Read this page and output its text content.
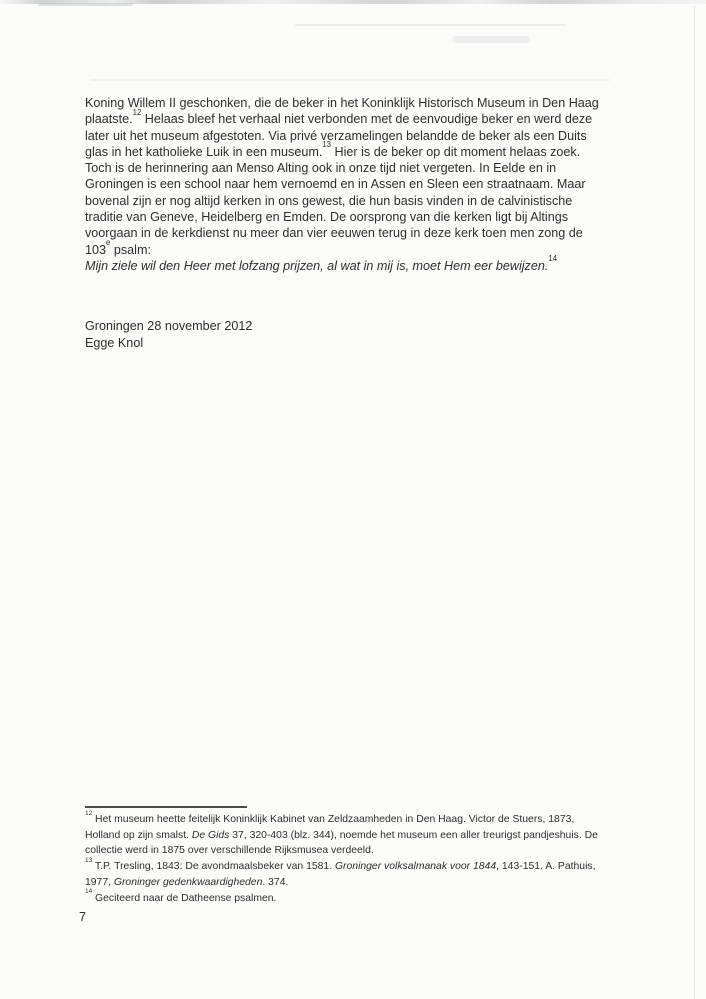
Koning Willem II geschonken, die de beker in het Koninklijk Historisch Museum in Den Haag
plaatste.$^{12}$ Helaas bleef het verhaal niet verbonden met de eenvoudige beker en werd deze
later uit het museum afgestoten. Via privé verzamelingen belandde de beker als een Duits
glas in het katholieke Luik in een museum.$^{13}$ Hier is de beker op dit moment helaas zoek.
Toch is de herinnering aan Menso Alting ook in onze tijd niet vergeten. In Eelde en in
Groningen is een school naar hem vernoemd en in Assen en Sleen een straatnaam. Maar
bovenal zijn er nog altijd kerken in ons gewest, die hun basis vinden in de calvinistische
traditie van Geneve, Heidelberg en Emden. De oorsprong van die kerken ligt bij Altings
voorgaan in de kerkdienst nu meer dan vier eeuwen terug in deze kerk toen men zong de
103e psalm:
Mijn ziele wil den Heer met lofzang prijzen, al wat in mij is, moet Hem eer bewijzen.$^{14}$
Groningen 28 november 2012
Egge Knol
$^{12}$ Het museum heette feitelijk Koninklijk Kabinet van Zeldzaamheden in Den Haag. Victor de Stuers, 1873,
Holland op zijn smalst. De Gids 37, 320-403 (blz. 344), noemde het museum een aller treurigst pandjeshuis. De
collectie werd in 1875 over verschillende Rijksmusea verdeeld.
$^{13}$ T.P. Tresling, 1843: De avondmaalsbeker van 1581. Groninger volksalmanak voor 1844, 143-151. A. Pathuis,
1977, Groninger gedenkwaardigheden. 374.
$^{14}$ Geciteerd naar de Datheense psalmen.
7
